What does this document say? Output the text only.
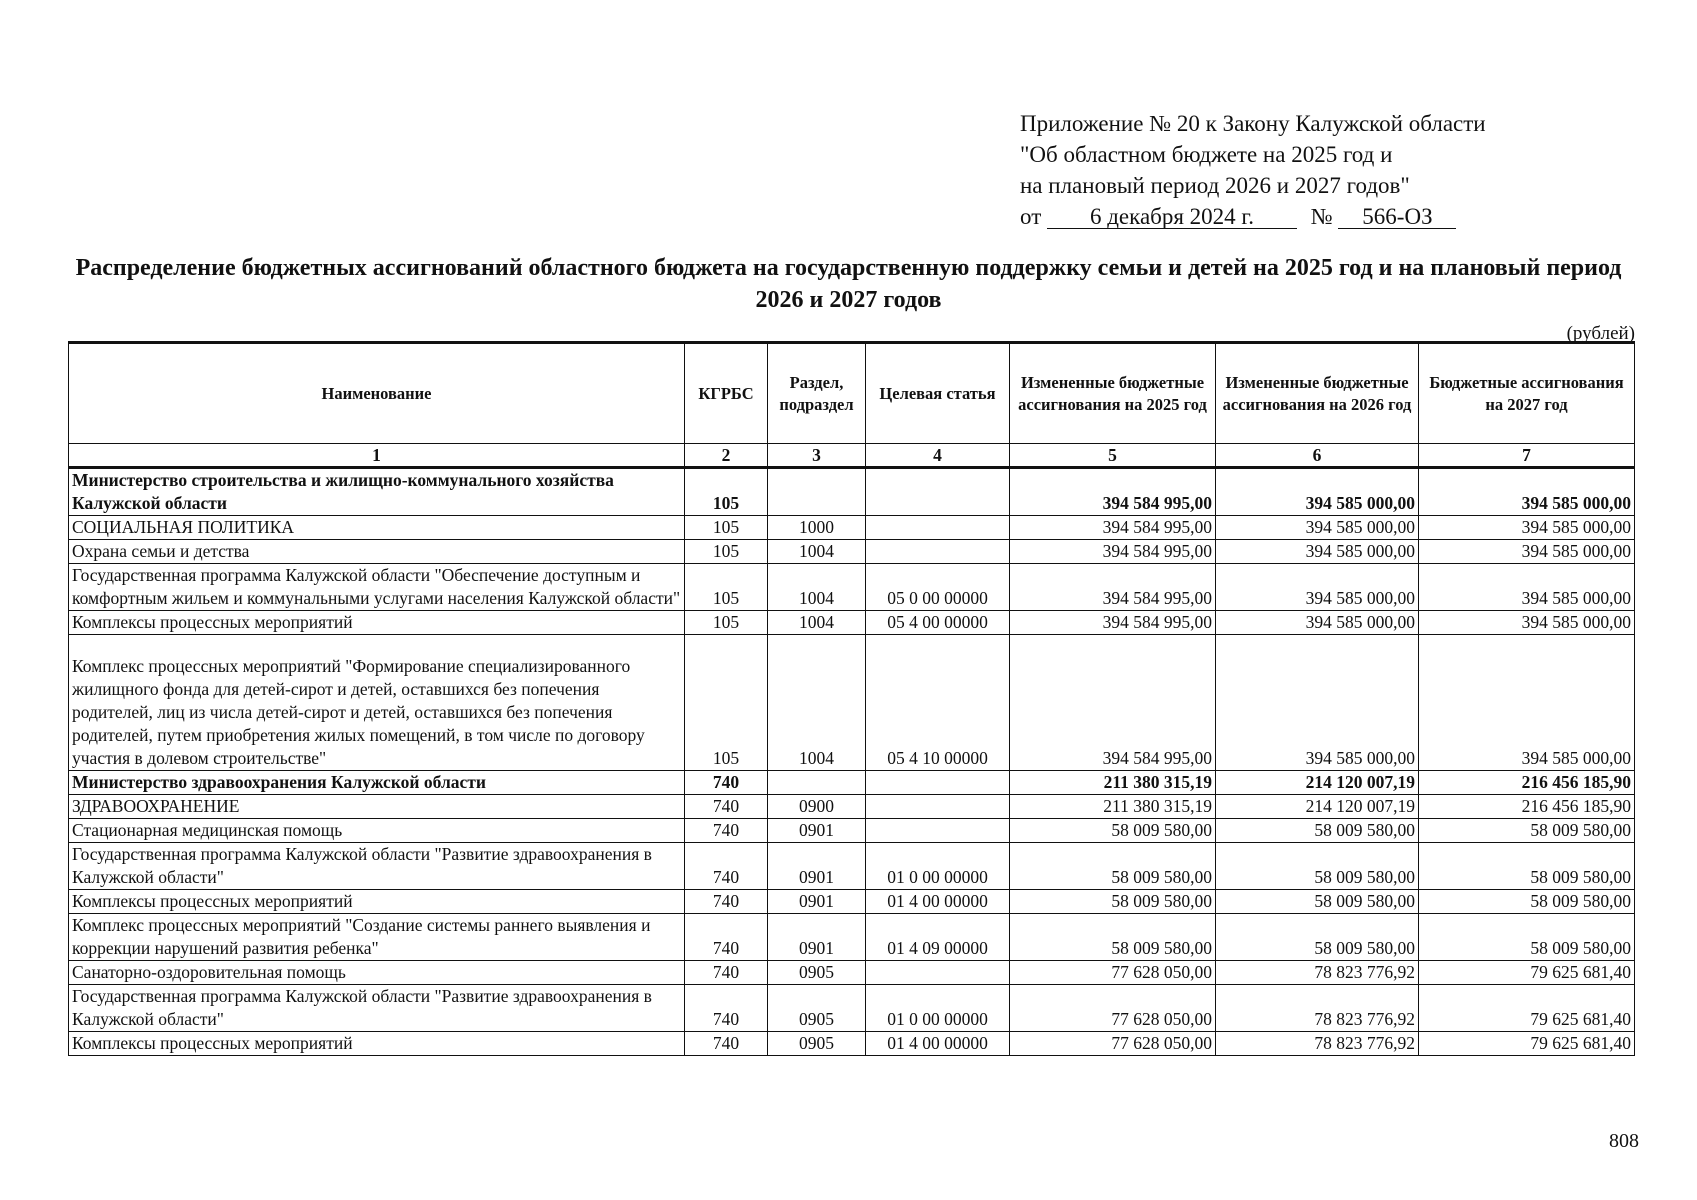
Приложение № 20 к Закону Калужской области
"Об областном бюджете на 2025 год и
на плановый период 2026 и 2027 годов"
от 6 декабря 2024 г. № 566-ОЗ
Распределение бюджетных ассигнований областного бюджета на государственную поддержку семьи и детей на 2025 год и на плановый период 2026 и 2027 годов
(рублей)
Наименование	КГРБС	Раздел, подраздел	Целевая статья	Измененные бюджетные ассигнования на 2025 год	Измененные бюджетные ассигнования на 2026 год	Бюджетные ассигнования на 2027 год
1	2	3	4	5	6	7
Министерство строительства и жилищно-коммунального хозяйства Калужской области	105			394 584 995,00	394 585 000,00	394 585 000,00
СОЦИАЛЬНАЯ ПОЛИТИКА	105	1000		394 584 995,00	394 585 000,00	394 585 000,00
Охрана семьи и детства	105	1004		394 584 995,00	394 585 000,00	394 585 000,00
Государственная программа Калужской области "Обеспечение доступным и комфортным жильем и коммунальными услугами населения Калужской области"	105	1004	05 0 00 00000	394 584 995,00	394 585 000,00	394 585 000,00
Комплексы процессных мероприятий	105	1004	05 4 00 00000	394 584 995,00	394 585 000,00	394 585 000,00
Комплекс процессных мероприятий "Формирование специализированного жилищного фонда для детей-сирот и детей, оставшихся без попечения родителей, лиц из числа детей-сирот и детей, оставшихся без попечения родителей, путем приобретения жилых помещений, в том числе по договору участия в долевом строительстве"	105	1004	05 4 10 00000	394 584 995,00	394 585 000,00	394 585 000,00
Министерство здравоохранения Калужской области	740			211 380 315,19	214 120 007,19	216 456 185,90
ЗДРАВООХРАНЕНИЕ	740	0900		211 380 315,19	214 120 007,19	216 456 185,90
Стационарная медицинская помощь	740	0901		58 009 580,00	58 009 580,00	58 009 580,00
Государственная программа Калужской области "Развитие здравоохранения в Калужской области"	740	0901	01 0 00 00000	58 009 580,00	58 009 580,00	58 009 580,00
Комплексы процессных мероприятий	740	0901	01 4 00 00000	58 009 580,00	58 009 580,00	58 009 580,00
Комплекс процессных мероприятий "Создание системы раннего выявления и коррекции нарушений развития ребенка"	740	0901	01 4 09 00000	58 009 580,00	58 009 580,00	58 009 580,00
Санаторно-оздоровительная помощь	740	0905		77 628 050,00	78 823 776,92	79 625 681,40
Государственная программа Калужской области "Развитие здравоохранения в Калужской области"	740	0905	01 0 00 00000	77 628 050,00	78 823 776,92	79 625 681,40
Комплексы процессных мероприятий	740	0905	01 4 00 00000	77 628 050,00	78 823 776,92	79 625 681,40
808
